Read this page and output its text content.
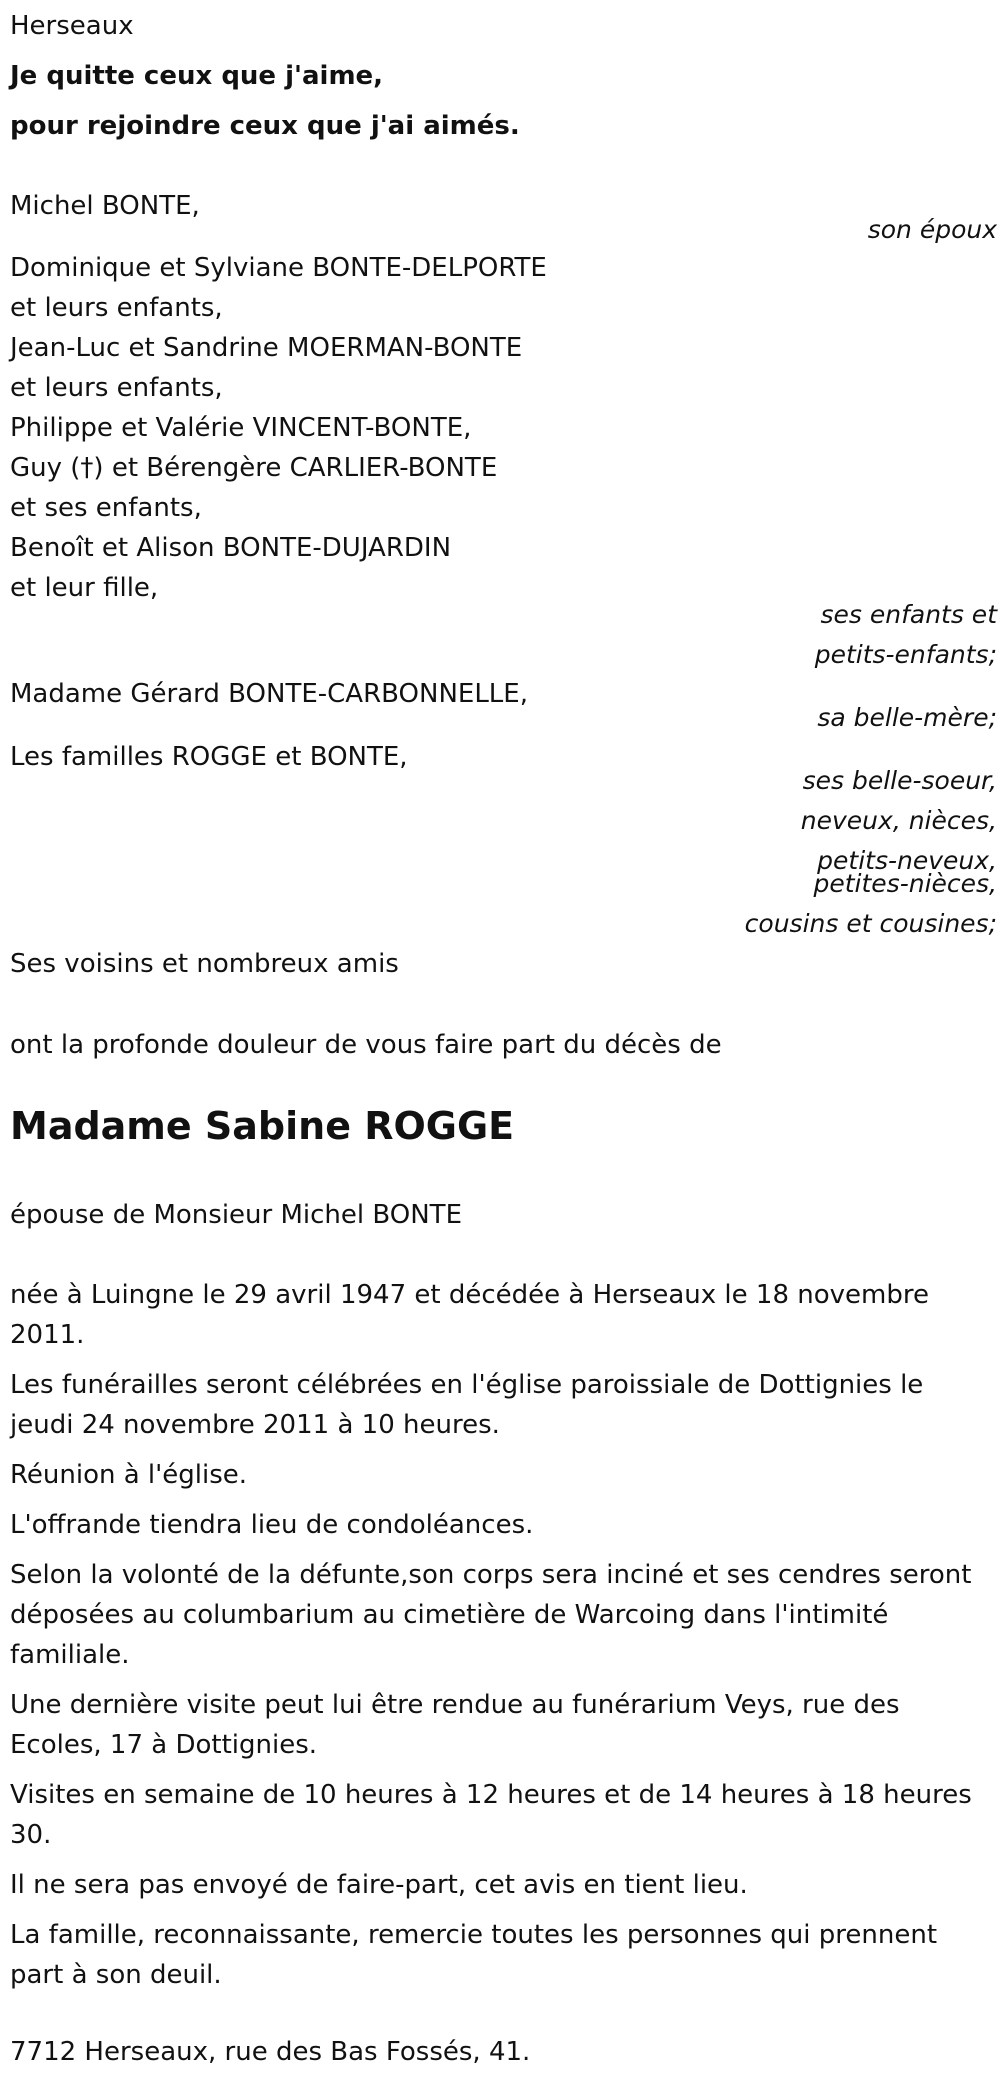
Herseaux

Je quitte ceux que j'aime,

pour rejoindre ceux que j'ai aimés.

Michel BONTE,

son époux

Dominique et Sylviane BONTE-DELPORTE

et leurs enfants,

Jean-Luc et Sandrine MOERMAN-BONTE

et leurs enfants,

Philippe et Valérie VINCENT-BONTE,

Guy (†) et Bérengère CARLIER-BONTE

et ses enfants,

Benoît et Alison BONTE-DUJARDIN

et leur fille,

ses enfants et

petits-enfants;

Madame Gérard BONTE-CARBONNELLE,

sa belle-mère;

Les familles ROGGE et BONTE,

ses belle-soeur,

neveux, nièces,

petits-neveux,

petites-nièces,

cousins et cousines;

Ses voisins et nombreux amis

ont la profonde douleur de vous faire part du décès de

Madame Sabine ROGGE

épouse de Monsieur Michel BONTE

née à Luingne le 29 avril 1947 et décédée à Herseaux le 18 novembre 2011.

Les funérailles seront célébrées en l'église paroissiale de Dottignies le jeudi 24 novembre 2011 à 10 heures.

Réunion à l'église.

L'offrande tiendra lieu de condoléances.

Selon la volonté de la défunte,son corps sera inciné et ses cendres seront déposées au columbarium au cimetière de Warcoing dans l'intimité familiale.

Une dernière visite peut lui être rendue au funérarium Veys, rue des Ecoles, 17 à Dottignies.

Visites en semaine de 10 heures à 12 heures et de 14 heures à 18 heures 30.

Il ne sera pas envoyé de faire-part, cet avis en tient lieu.

La famille, reconnaissante, remercie toutes les personnes qui prennent part à son deuil.

7712 Herseaux, rue des Bas Fossés, 41.
